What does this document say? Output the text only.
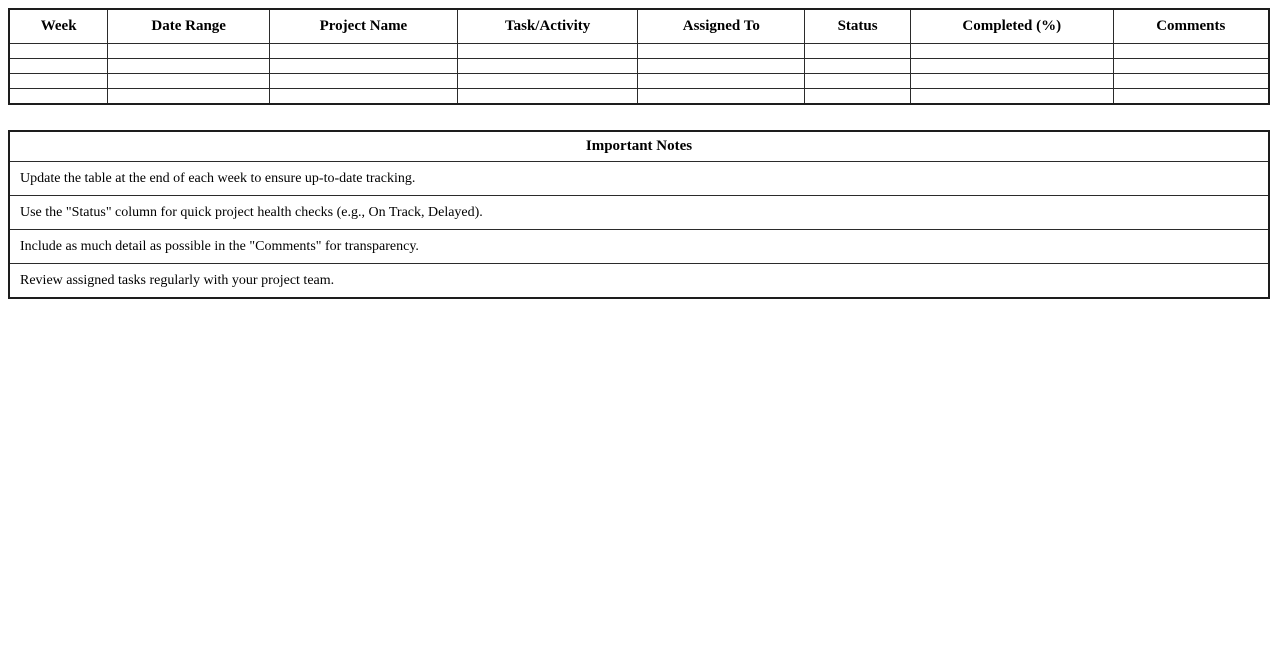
Week	Date Range	Project Name	Task/Activity	Assigned To	Status	Completed (%)	Comments

Important Notes
Update the table at the end of each week to ensure up-to-date tracking.
Use the "Status" column for quick project health checks (e.g., On Track, Delayed).
Include as much detail as possible in the "Comments" for transparency.
Review assigned tasks regularly with your project team.
